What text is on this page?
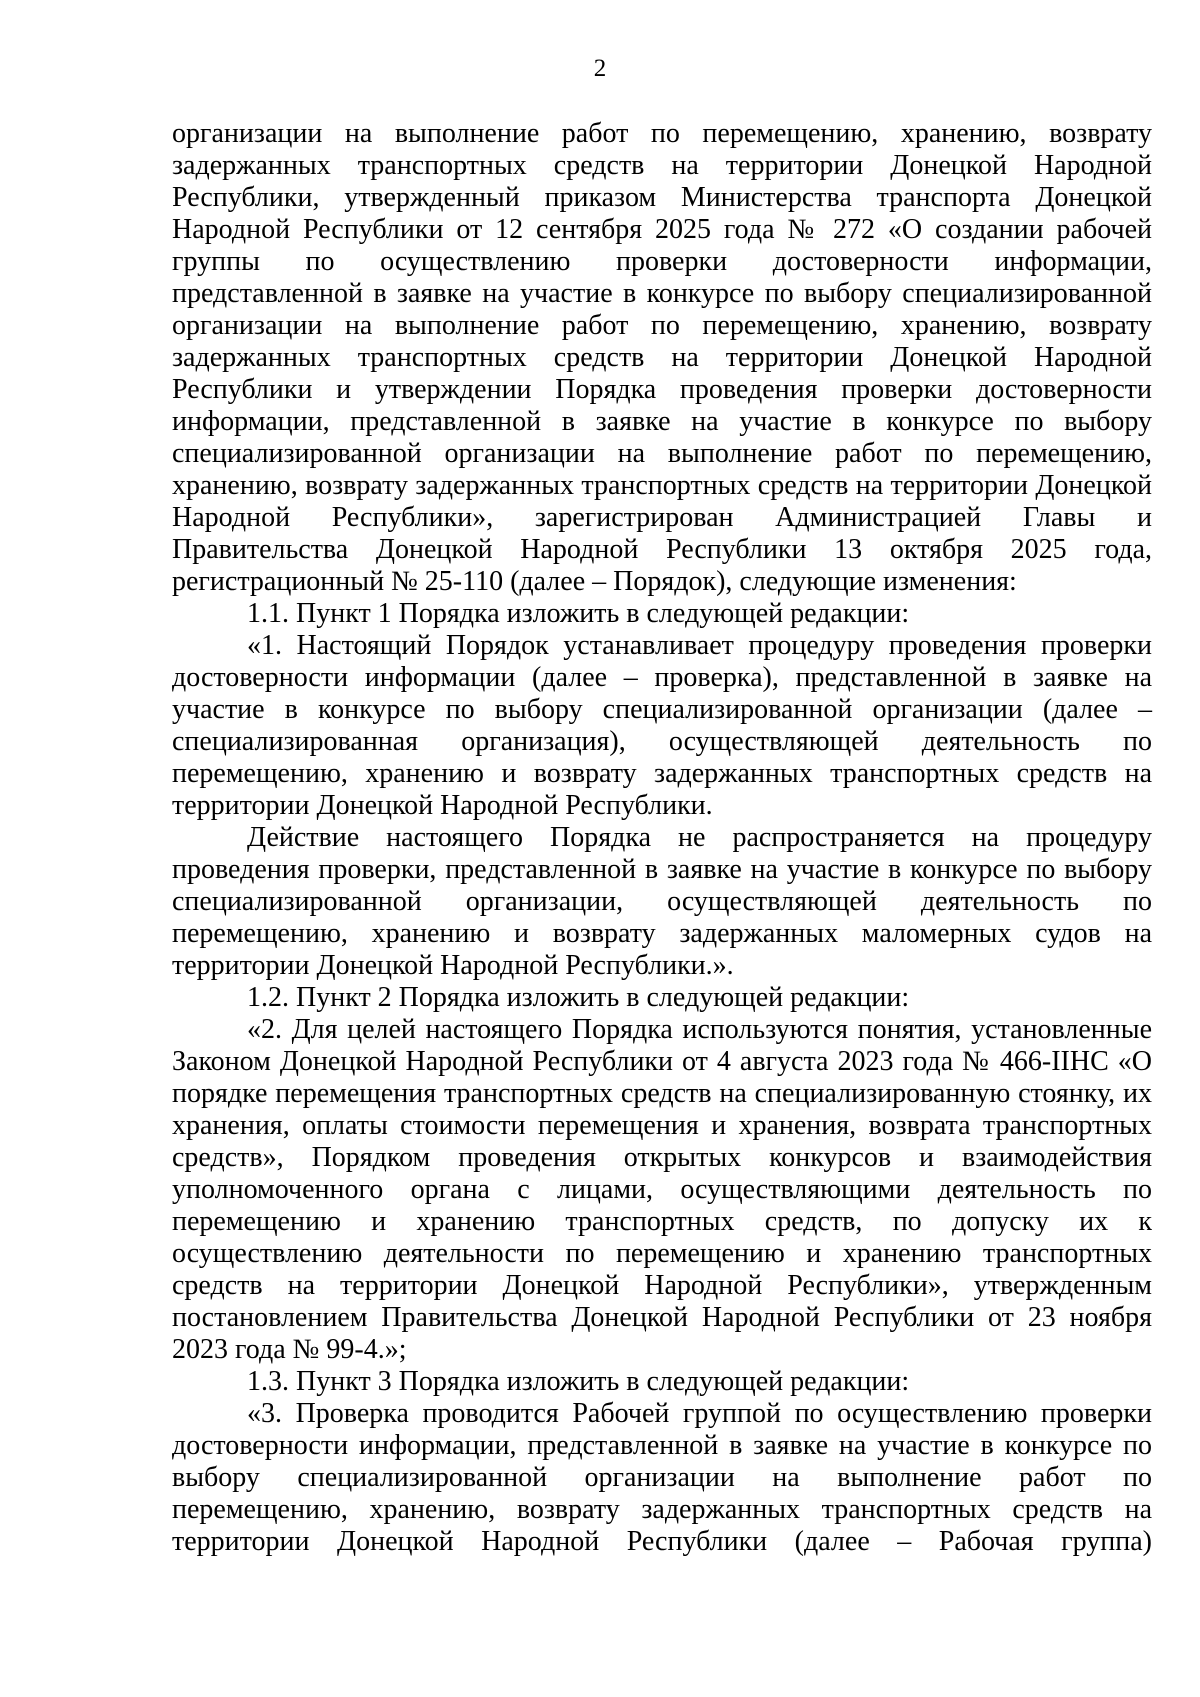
2

организации на выполнение работ по перемещению, хранению, возврату задержанных транспортных средств на территории Донецкой Народной Республики, утвержденный приказом Министерства транспорта Донецкой Народной Республики от 12 сентября 2025 года № 272 «О создании рабочей группы по осуществлению проверки достоверности информации, представленной в заявке на участие в конкурсе по выбору специализированной организации на выполнение работ по перемещению, хранению, возврату задержанных транспортных средств на территории Донецкой Народной Республики и утверждении Порядка проведения проверки достоверности информации, представленной в заявке на участие в конкурсе по выбору специализированной организации на выполнение работ по перемещению, хранению, возврату задержанных транспортных средств на территории Донецкой Народной Республики», зарегистрирован Администрацией Главы и Правительства Донецкой Народной Республики 13 октября 2025 года, регистрационный № 25-110 (далее – Порядок), следующие изменения:

1.1. Пункт 1 Порядка изложить в следующей редакции:

«1. Настоящий Порядок устанавливает процедуру проведения проверки достоверности информации (далее – проверка), представленной в заявке на участие в конкурсе по выбору специализированной организации (далее – специализированная организация), осуществляющей деятельность по перемещению, хранению и возврату задержанных транспортных средств на территории Донецкой Народной Республики.

Действие настоящего Порядка не распространяется на процедуру проведения проверки, представленной в заявке на участие в конкурсе по выбору специализированной организации, осуществляющей деятельность по перемещению, хранению и возврату задержанных маломерных судов на территории Донецкой Народной Республики.».

1.2. Пункт 2 Порядка изложить в следующей редакции:

«2. Для целей настоящего Порядка используются понятия, установленные Законом Донецкой Народной Республики от 4 августа 2023 года № 466-IIНС «О порядке перемещения транспортных средств на специализированную стоянку, их хранения, оплаты стоимости перемещения и хранения, возврата транспортных средств», Порядком проведения открытых конкурсов и взаимодействия уполномоченного органа с лицами, осуществляющими деятельность по перемещению и хранению транспортных средств, по допуску их к осуществлению деятельности по перемещению и хранению транспортных средств на территории Донецкой Народной Республики», утвержденным постановлением Правительства Донецкой Народной Республики от 23 ноября 2023 года № 99-4.»;

1.3. Пункт 3 Порядка изложить в следующей редакции:

«3. Проверка проводится Рабочей группой по осуществлению проверки достоверности информации, представленной в заявке на участие в конкурсе по выбору специализированной организации на выполнение работ по перемещению, хранению, возврату задержанных транспортных средств на территории Донецкой Народной Республики (далее – Рабочая группа)
